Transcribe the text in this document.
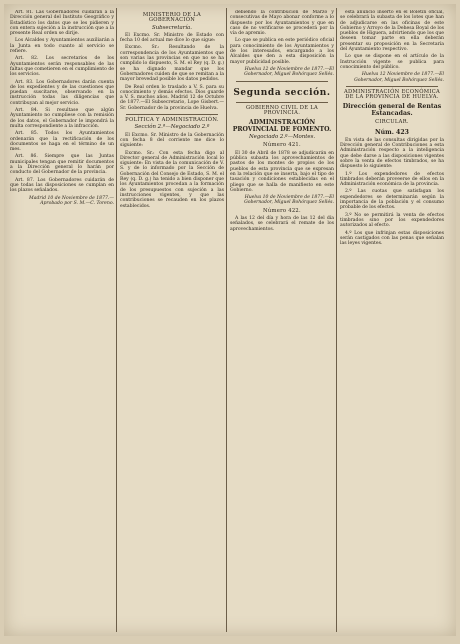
Art. 81. Las Gobernadores cuidarán a la Dirección general del Instituto Geográfico y Estadístico los datos que se les pidieren y con entera sujeción a la instrucción que a la presente Real orden se dirije.

Los Alcaldes y Ayuntamientos auxiliarán a la Junta en todo cuanto al servicio se refiere.

Art. 82. Los secretarios de los Ayuntamientos serán responsables de las faltas que cometieren en el cumplimiento de los servicios.

Art. 83. Los Gobernadores darán cuenta de los expedientes y de las cuestiones que puedan suscitarse, observando en la instrucción todas las diligencias que contribuyan al mejor servicio.

Art. 84. Si resultase que algún Ayuntamiento no cumpliese con la remisión de los datos, el Gobernador le impondrá la multa correspondiente a la infracción.

Art. 85. Todos los Ayuntamientos ordenarán que la rectificación de los documentos se haga en el término de un mes.

Art. 86. Siempre que las Juntas municipales tengan que remitir documentos a la Dirección general lo harán por conducto del Gobernador de la provincia.

Art. 87. Los Gobernadores cuidarán de que todas las disposiciones se cumplan en los plazos señalados.

Madrid 10 de Noviembre de 1877.—Aprobado por S. M.—C. Toreno.

MINISTERIO DE LA GOBERNACIÓN

Subsecretaría.

El Excmo. Sr. Ministro de Estado con fecha 10 del actual me dice lo que sigue:

Excmo. Sr.: Resultando de la correspondencia de los Ayuntamientos que son varias las provincias en que no se ha cumplido lo dispuesto, S. M. el Rey (q. D. g.) se ha dignado mandar que los Gobernadores cuiden de que se remitan a la mayor brevedad posible los datos pedidos.

De Real orden lo traslado a V. S. para su conocimiento y demás efectos. Dios guarde a V. S. muchos años. Madrid 12 de Octubre de 1877.—El Subsecretario, Lope Gisbert.—Sr. Gobernador de la provincia de Huelva.

POLÍTICA Y ADMINISTRACIÓN.

Sección 2.ª—Negociado 2.º

El Excmo. Sr. Ministro de la Gobernación con fecha 8 del corriente me dice lo siguiente:

Excmo. Sr.: Con esta fecha digo al Director general de Administración local lo siguiente: En vista de la comunicación de V. S. y de lo informado por la Sección de Gobernación del Consejo de Estado, S. M. el Rey (q. D. g.) ha tenido a bien disponer que los Ayuntamientos procedan a la formación de los presupuestos con sujeción a las instrucciones vigentes, y que las contribuciones se recauden en los plazos establecidos.

debiendo la contribución de Marzo y consecutivas de Mayo abonar conforme a lo dispuesto por los Ayuntamientos y que en caso de no verificarse se procederá por la vía de apremio.

Lo que se publica en este periódico oficial para conocimiento de los Ayuntamientos y de los interesados, encargando a los Alcaldes que den a esta disposición la mayor publicidad posible.

Huelva 12 de Noviembre de 1877.—El Gobernador, Miguel Bohórquez Sellés.

Segunda sección.

GOBIERNO CIVIL DE LA PROVINCIA.

ADMINISTRACIÓN PROVINCIAL DE FOMENTO.

Negociado 2.º—Montes.

Número 421.

El 30 de Abril de 1878 se adjudicarán en pública subasta los aprovechamientos de pastos de los montes de propios de los pueblos de esta provincia que se expresan en la relación que se inserta, bajo el tipo de tasación y condiciones establecidas en el pliego que se halla de manifiesto en este Gobierno.

Huelva 10 de Noviembre de 1877.—El Gobernador, Miguel Bohórquez Sellés.

Número 422.

A las 12 del día y hora de las 12 del día señalados, se celebrará el remate de los aprovechamientos.

esta anuncio inserto en el Boletín oficial, se celebrará la subasta de los lotes que han de adjudicarse en las oficinas de este Gobierno y Arroyo de la Dehesa Boyal de los pueblos de Higuera, advirtiendo que los que deseen tomar parte en ella deberán presentar su proposición en la Secretaría del Ayuntamiento respectivo.

Lo que se dispone en el artículo de la Instrucción vigente se publica para conocimiento del público.

Huelva 12 Noviembre de 1877.—El Gobernador, Miguel Bohórquez Sellés.

ADMINISTRACIÓN ECONÓMICA DE LA PROVINCIA DE HUELVA.

Dirección general de Rentas Estancadas.

CIRCULAR.

Núm. 423

En vista de las consultas dirigidas por la Dirección general de Contribuciones a esta Administración respecto a la inteligencia que debe darse a las disposiciones vigentes sobre la venta de efectos timbrados, se ha dispuesto lo siguiente:

1.º Los expendedores de efectos timbrados deberán proveerse de ellos en la Administración económica de la provincia.

2.º Las cuotas que satisfagan los expendedores se determinarán según la importancia de la población y el consumo probable de los efectos.

3.º No se permitirá la venta de efectos timbrados sino por los expendedores autorizados al efecto.

4.º Los que infrinjan estas disposiciones serán castigados con las penas que señalan las leyes vigentes.
